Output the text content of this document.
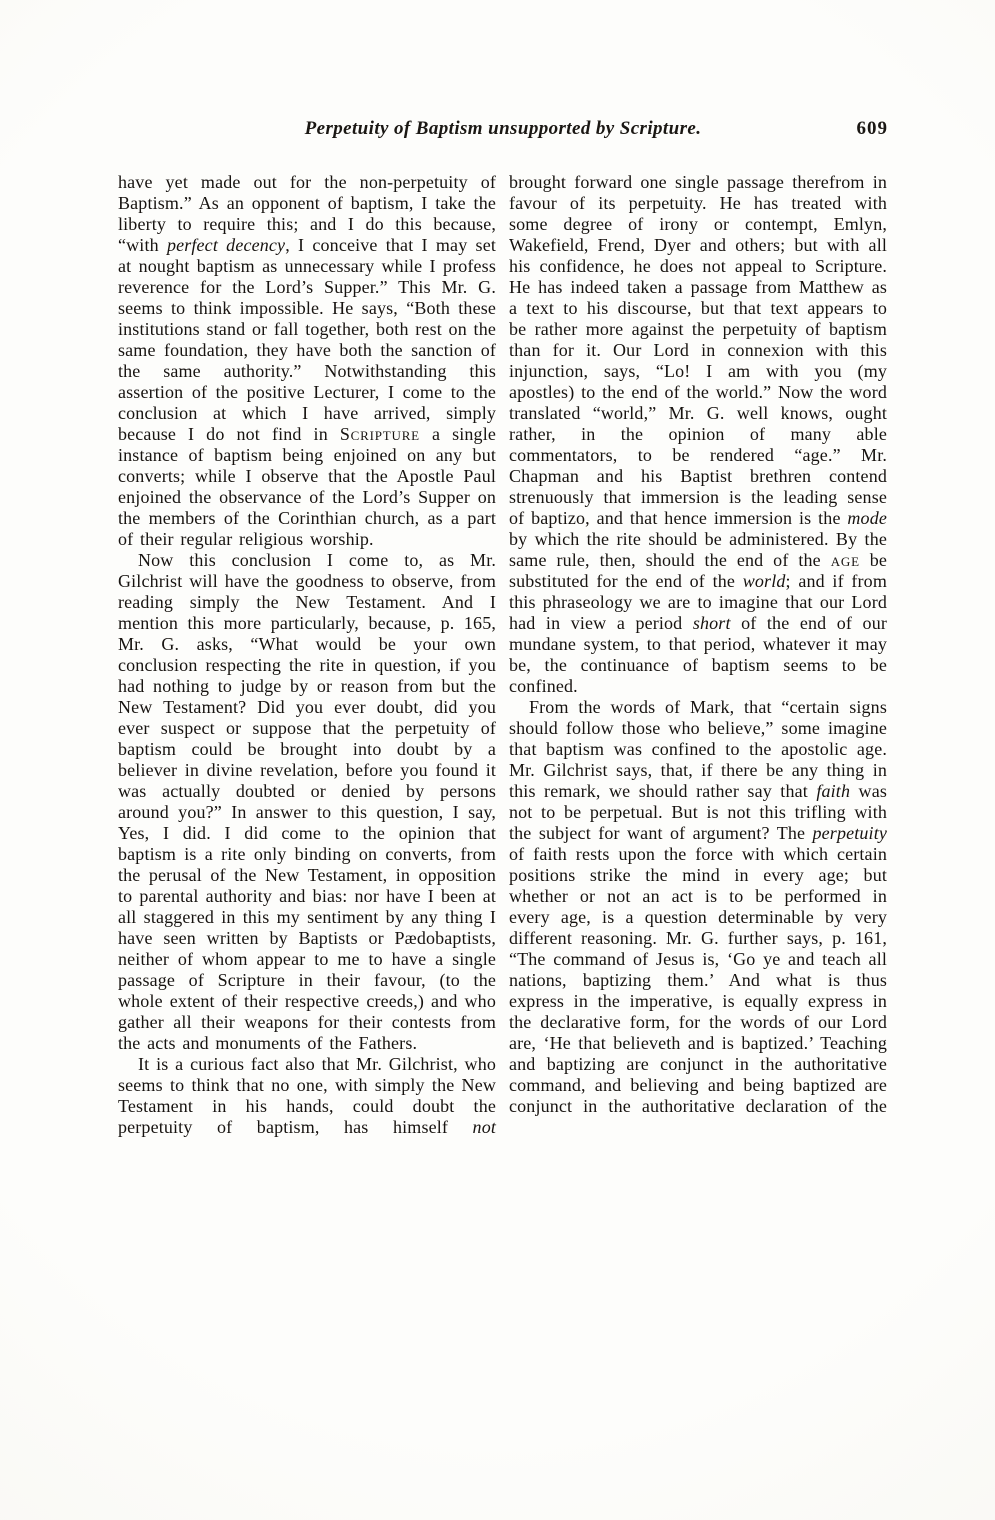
Perpetuity of Baptism unsupported by Scripture.	609

have yet made out for the non-perpetuity of Baptism.” As an opponent of baptism, I take the liberty to require this; and I do this because, “with perfect decency, I conceive that I may set at nought baptism as unnecessary while I profess reverence for the Lord’s Supper.” This Mr. G. seems to think impossible. He says, “Both these institutions stand or fall together, both rest on the same foundation, they have both the sanction of the same authority.” Notwithstanding this assertion of the positive Lecturer, I come to the conclusion at which I have arrived, simply because I do not find in Scripture a single instance of baptism being enjoined on any but converts; while I observe that the Apostle Paul enjoined the observance of the Lord’s Supper on the members of the Corinthian church, as a part of their regular religious worship.

Now this conclusion I come to, as Mr. Gilchrist will have the goodness to observe, from reading simply the New Testament. And I mention this more particularly, because, p. 165, Mr. G. asks, “What would be your own conclusion respecting the rite in question, if you had nothing to judge by or reason from but the New Testament? Did you ever doubt, did you ever suspect or suppose that the perpetuity of baptism could be brought into doubt by a believer in divine revelation, before you found it was actually doubted or denied by persons around you?” In answer to this question, I say, Yes, I did. I did come to the opinion that baptism is a rite only binding on converts, from the perusal of the New Testament, in opposition to parental authority and bias: nor have I been at all staggered in this my sentiment by any thing I have seen written by Baptists or Pædobaptists, neither of whom appear to me to have a single passage of Scripture in their favour, (to the whole extent of their respective creeds,) and who gather all their weapons for their contests from the acts and monuments of the Fathers.

It is a curious fact also that Mr. Gilchrist, who seems to think that no one, with simply the New Testament in his hands, could doubt the perpetuity of baptism, has himself not

brought forward one single passage therefrom in favour of its perpetuity. He has treated with some degree of irony or contempt, Emlyn, Wakefield, Frend, Dyer and others; but with all his confidence, he does not appeal to Scripture. He has indeed taken a passage from Matthew as a text to his discourse, but that text appears to be rather more against the perpetuity of baptism than for it. Our Lord in connexion with this injunction, says, “Lo! I am with you (my apostles) to the end of the world.” Now the word translated “world,” Mr. G. well knows, ought rather, in the opinion of many able commentators, to be rendered “age.” Mr. Chapman and his Baptist brethren contend strenuously that immersion is the leading sense of baptizo, and that hence immersion is the mode by which the rite should be administered. By the same rule, then, should the end of the age be substituted for the end of the world; and if from this phraseology we are to imagine that our Lord had in view a period short of the end of our mundane system, to that period, whatever it may be, the continuance of baptism seems to be confined.

From the words of Mark, that “certain signs should follow those who believe,” some imagine that baptism was confined to the apostolic age. Mr. Gilchrist says, that, if there be any thing in this remark, we should rather say that faith was not to be perpetual. But is not this trifling with the subject for want of argument? The perpetuity of faith rests upon the force with which certain positions strike the mind in every age; but whether or not an act is to be performed in every age, is a question determinable by very different reasoning. Mr. G. further says, p. 161, “The command of Jesus is, ‘Go ye and teach all nations, baptizing them.’ And what is thus express in the imperative, is equally express in the declarative form, for the words of our Lord are, ‘He that believeth and is baptized.’ Teaching and baptizing are conjunct in the authoritative command, and believing and being baptized are conjunct in the authoritative declaration of the
